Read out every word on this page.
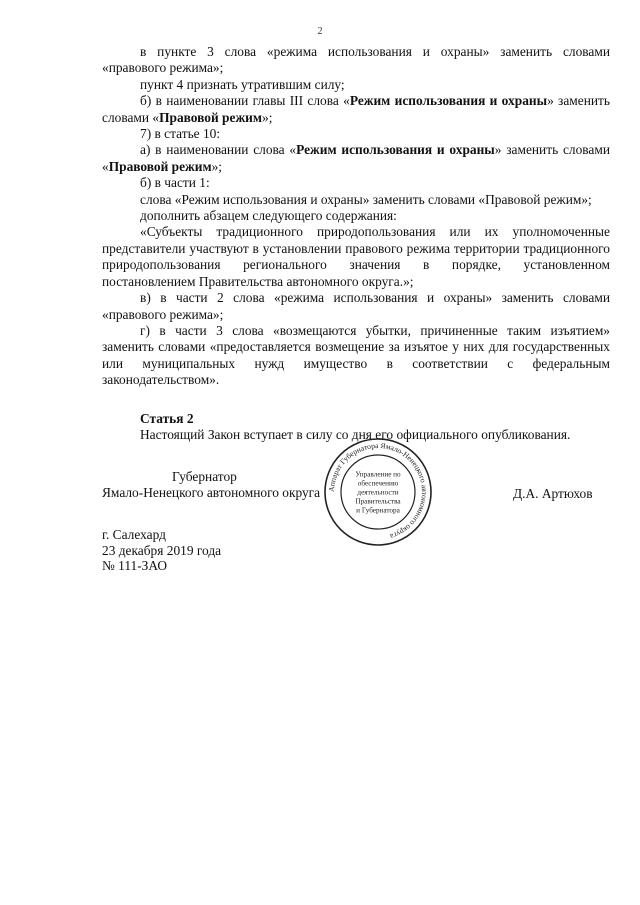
2

в пункте 3 слова «режима использования и охраны» заменить словами «правового режима»;

пункт 4 признать утратившим силу;

б) в наименовании главы III слова «Режим использования и охраны» заменить словами «Правовой режим»;

7) в статье 10:

а) в наименовании слова «Режим использования и охраны» заменить словами «Правовой режим»;

б) в части 1:

слова «Режим использования и охраны» заменить словами «Правовой режим»;

дополнить абзацем следующего содержания:

«Субъекты традиционного природопользования или их уполномоченные представители участвуют в установлении правового режима территории традиционного природопользования регионального значения в порядке, установленном постановлением Правительства автономного округа.»;

в) в части 2 слова «режима использования и охраны» заменить словами «правового режима»;

г) в части 3 слова «возмещаются убытки, причиненные таким изъятием» заменить словами «предоставляется возмещение за изъятое у них для государственных или муниципальных нужд имущество в соответствии с федеральным законодательством».

Статья 2

Настоящий Закон вступает в силу со дня его официального опубликования.

Губернатор
Ямало-Ненецкого автономного округа Аппарат Губернатора Ямало-Ненецкого автономного округа
Управление по
обеспечению
деятельности
Правительства
и Губернатора
Д.А. Артюхов
г. Салехард
23 декабря 2019 года
№ 111-ЗАО
